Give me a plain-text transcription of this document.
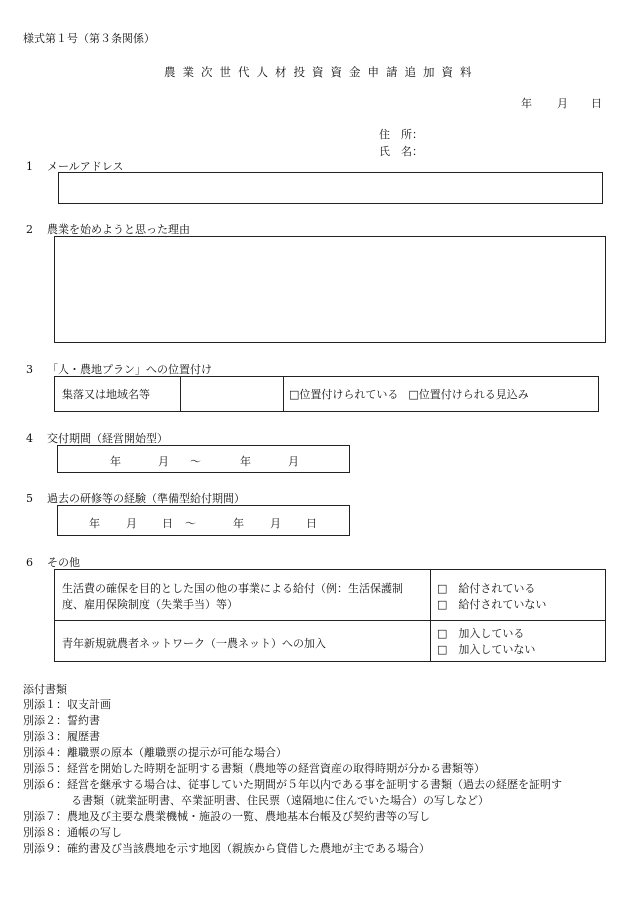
様式第１号（第３条関係）
農業次世代人材投資資金申請追加資料
年 月 日
住　所：
氏　名：
1 メールアドレス
2 農業を始めようと思った理由
3 「人・農地プラン」への位置付け
集落又は地域名等	□位置付けられている □位置付けられる見込み
4 交付期間（経営開始型）
年	月 〜	年	月
5 過去の研修等の経験（準備型給付期間）
年 月 日 〜	年 月 日
6 その他
生活費の確保を目的とした国の他の事業による給付（例：生活保護制
度、雇用保険制度（失業手当）等）
□　給付されている
□　給付されていない
青年新規就農者ネットワーク（一農ネット）への加入
□　加入している
□　加入していない
添付書類
別添１：収支計画
別添２：誓約書
別添３：履歴書
別添４：離職票の原本（離職票の提示が可能な場合）
別添５：経営を開始した時期を証明する書類（農地等の経営資産の取得時期が分かる書類等）
別添６：経営を継承する場合は、従事していた期間が５年以内である事を証明する書類（過去の経歴を証明す
る書類（就業証明書、卒業証明書、住民票（遠隔地に住んでいた場合）の写しなど）
別添７：農地及び主要な農業機械・施設の一覧、農地基本台帳及び契約書等の写し
別添８：通帳の写し
別添９：確約書及び当該農地を示す地図（親族から貸借した農地が主である場合）
